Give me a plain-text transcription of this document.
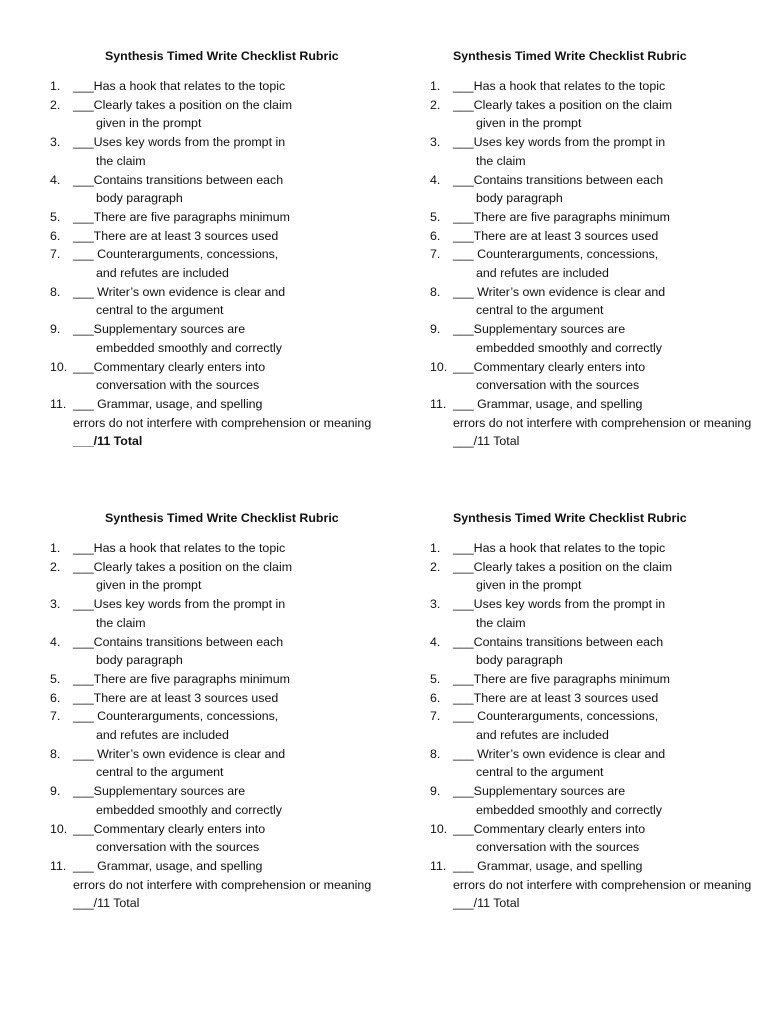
Synthesis Timed Write Checklist Rubric
1.	___Has a hook that relates to the topic
2.	___Clearly takes a position on the claim
given in the prompt
3.	___Uses key words from the prompt in
the claim
4.	___Contains transitions between each
body paragraph
5.	___There are five paragraphs minimum
6.	___There are at least 3 sources used
7.	___ Counterarguments, concessions,
and refutes are included
8.	___ Writer’s own evidence is clear and
central to the argument
9.	___Supplementary sources are
embedded smoothly and correctly
10. ___Commentary clearly enters into
conversation with the sources
11. ___ Grammar, usage, and spelling
errors do not interfere with comprehension or meaning
___/11 Total
Synthesis Timed Write Checklist Rubric
1.	___Has a hook that relates to the topic
2.	___Clearly takes a position on the claim
given in the prompt
3.	___Uses key words from the prompt in
the claim
4.	___Contains transitions between each
body paragraph
5.	___There are five paragraphs minimum
6.	___There are at least 3 sources used
7.	___ Counterarguments, concessions,
and refutes are included
8.	___ Writer’s own evidence is clear and
central to the argument
9.	___Supplementary sources are
embedded smoothly and correctly
10. ___Commentary clearly enters into
conversation with the sources
11. ___ Grammar, usage, and spelling
errors do not interfere with comprehension or meaning
___/11 Total
Synthesis Timed Write Checklist Rubric
1.	___Has a hook that relates to the topic
2.	___Clearly takes a position on the claim
given in the prompt
3.	___Uses key words from the prompt in
the claim
4.	___Contains transitions between each
body paragraph
5.	___There are five paragraphs minimum
6.	___There are at least 3 sources used
7.	___ Counterarguments, concessions,
and refutes are included
8.	___ Writer’s own evidence is clear and
central to the argument
9.	___Supplementary sources are
embedded smoothly and correctly
10. ___Commentary clearly enters into
conversation with the sources
11. ___ Grammar, usage, and spelling
errors do not interfere with comprehension or meaning
___/11 Total
Synthesis Timed Write Checklist Rubric
1.	___Has a hook that relates to the topic
2.	___Clearly takes a position on the claim
given in the prompt
3.	___Uses key words from the prompt in
the claim
4.	___Contains transitions between each
body paragraph
5.	___There are five paragraphs minimum
6.	___There are at least 3 sources used
7.	___ Counterarguments, concessions,
and refutes are included
8.	___ Writer’s own evidence is clear and
central to the argument
9.	___Supplementary sources are
embedded smoothly and correctly
10. ___Commentary clearly enters into
conversation with the sources
11. ___ Grammar, usage, and spelling
errors do not interfere with comprehension or meaning
___/11 Total
